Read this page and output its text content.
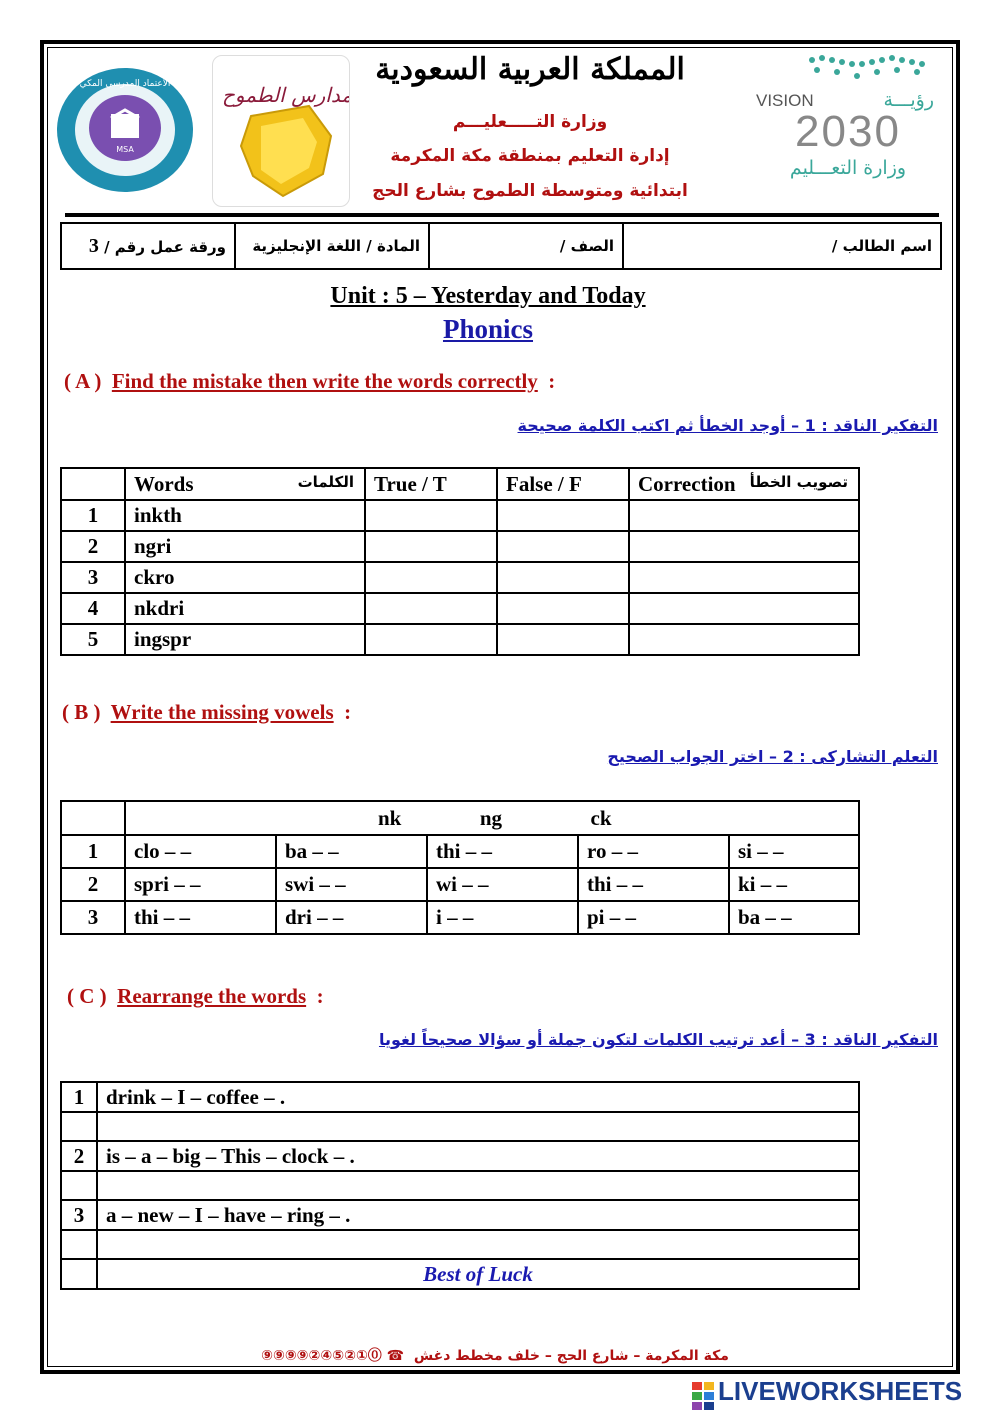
MSA
الاعتماد المدرسي المكي	مدارس الطموح
المملكة العربية السعودية
وزارة التـــــعليـــم
إدارة التعليم بمنطقة مكة المكرمة
ابتدائية ومتوسطة الطموح بشارع الحج
VISION	رؤيـــة
2030
وزارة التعـــليم
ورقة عمل رقم / 3	المادة / اللغة الإنجليزية	الصف /	اسم الطالب /
Unit : 5 – Yesterday and Today
Phonics
( A ) Find the mistake then write the words correctly :
التفكير الناقد : 1 – أوجد الخطأ ثم اكتب الكلمة صحيحة
	Words الكلمات	True / T	False / F	Correction تصويب الخطأ

1	inkth			
2	ngri			
3	ckro			
4	nkdri			
5	ingspr			
( B ) Write the missing vowels :
التعلم التشاركى : 2 – اختر الجواب الصحيح
	nk ng ck				
1	clo – –	ba – –	thi – –	ro – –	si – –
2	spri – –	swi – –	wi – –	thi – –	ki – –
3	thi – –	dri – –	i – –	pi – –	ba – –
( C ) Rearrange the words :
التفكير الناقد : 3 – أعد ترتيب الكلمات لتكون جملة أو سؤالا صحيحاً لغويا
1	drink – I – coffee – .

2	is – a – big – This – clock – .

3	a – new – I – have – ring – .

	Best of Luck
مكة المكرمة – شارع الحج – خلف مخطط دغش  ☎ ⓪①②⑤④②⑨⑨⑨⑨
LIVEWORKSHEETS
